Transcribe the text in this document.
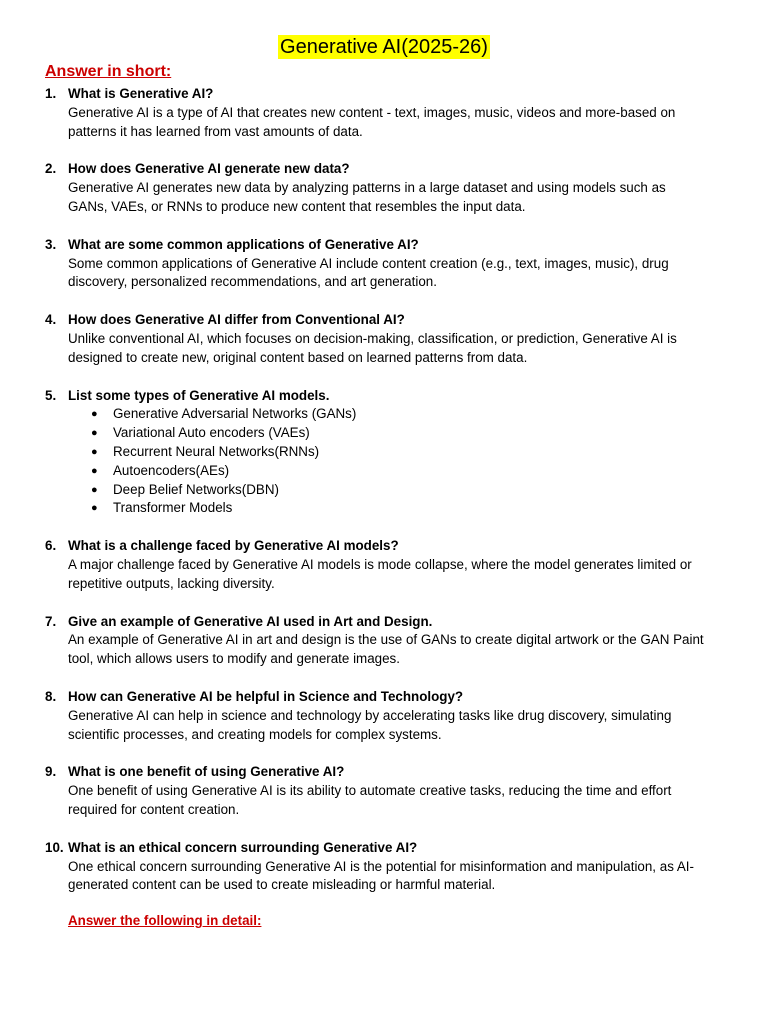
Generative AI(2025-26)
Answer in short:
1. What is Generative AI?
Generative AI is a type of AI that creates new content - text, images, music, videos and more-based on patterns it has learned from vast amounts of data.
2. How does Generative AI generate new data?
Generative AI generates new data by analyzing patterns in a large dataset and using models such as GANs, VAEs, or RNNs to produce new content that resembles the input data.
3. What are some common applications of Generative AI?
Some common applications of Generative AI include content creation (e.g., text, images, music), drug discovery, personalized recommendations, and art generation.
4. How does Generative AI differ from Conventional AI?
Unlike conventional AI, which focuses on decision-making, classification, or prediction, Generative AI is designed to create new, original content based on learned patterns from data.
5. List some types of Generative AI models.
● Generative Adversarial Networks (GANs)
● Variational Auto encoders (VAEs)
● Recurrent Neural Networks(RNNs)
● Autoencoders(AEs)
● Deep Belief Networks(DBN)
● Transformer Models
6. What is a challenge faced by Generative AI models?
A major challenge faced by Generative AI models is mode collapse, where the model generates limited or repetitive outputs, lacking diversity.
7. Give an example of Generative AI used in Art and Design.
An example of Generative AI in art and design is the use of GANs to create digital artwork or the GAN Paint tool, which allows users to modify and generate images.
8. How can Generative AI be helpful in Science and Technology?
Generative AI can help in science and technology by accelerating tasks like drug discovery, simulating scientific processes, and creating models for complex systems.
9. What is one benefit of using Generative AI?
One benefit of using Generative AI is its ability to automate creative tasks, reducing the time and effort required for content creation.
10. What is an ethical concern surrounding Generative AI?
One ethical concern surrounding Generative AI is the potential for misinformation and manipulation, as AI-generated content can be used to create misleading or harmful material.
Answer the following in detail:
